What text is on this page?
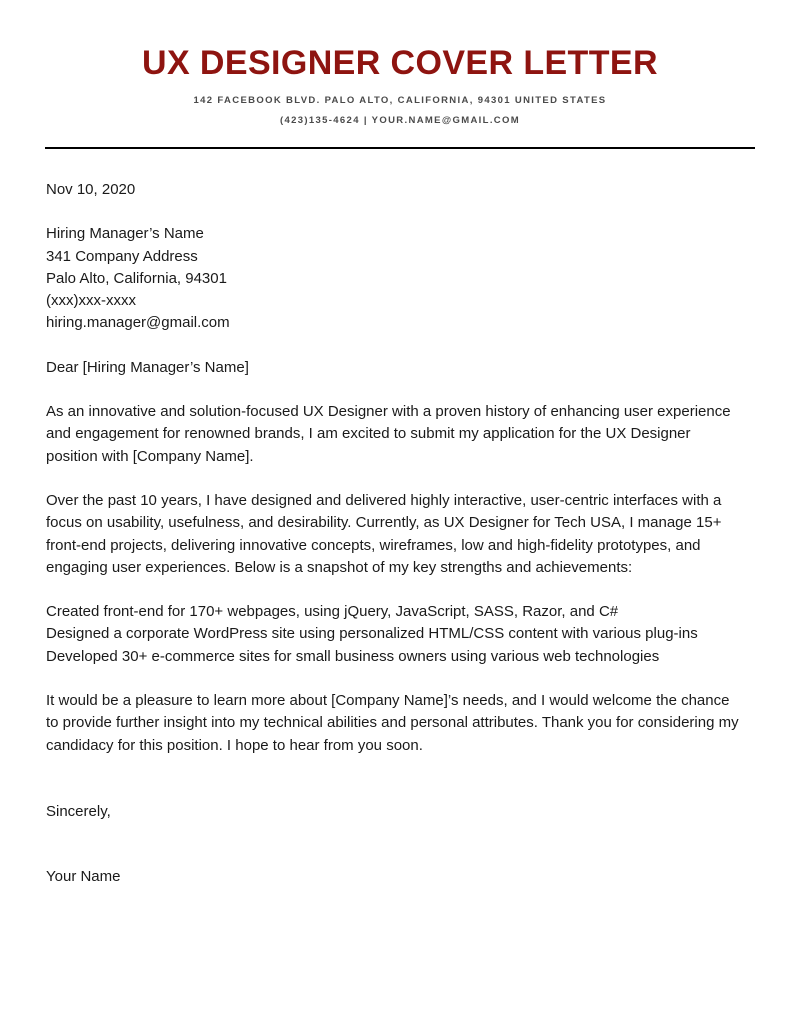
UX DESIGNER COVER LETTER

142 FACEBOOK BLVD. PALO ALTO, CALIFORNIA, 94301 UNITED STATES

(423)135-4624 | YOUR.NAME@GMAIL.COM

Nov 10, 2020
Hiring Manager’s Name
341 Company Address
Palo Alto, California, 94301
(xxx)xxx-xxxx
hiring.manager@gmail.com
Dear [Hiring Manager’s Name]
As an innovative and solution-focused UX Designer with a proven history of enhancing user experience and engagement for renowned brands, I am excited to submit my application for the UX Designer position with [Company Name].
Over the past 10 years, I have designed and delivered highly interactive, user-centric interfaces with a focus on usability, usefulness, and desirability. Currently, as UX Designer for Tech USA, I manage 15+ front-end projects, delivering innovative concepts, wireframes, low and high-fidelity prototypes, and engaging user experiences. Below is a snapshot of my key strengths and achievements:
Created front-end for 170+ webpages, using jQuery, JavaScript, SASS, Razor, and C#
Designed a corporate WordPress site using personalized HTML/CSS content with various plug-ins
Developed 30+ e-commerce sites for small business owners using various web technologies
It would be a pleasure to learn more about [Company Name]’s needs, and I would welcome the chance to provide further insight into my technical abilities and personal attributes. Thank you for considering my candidacy for this position. I hope to hear from you soon.
Sincerely,
Your Name
